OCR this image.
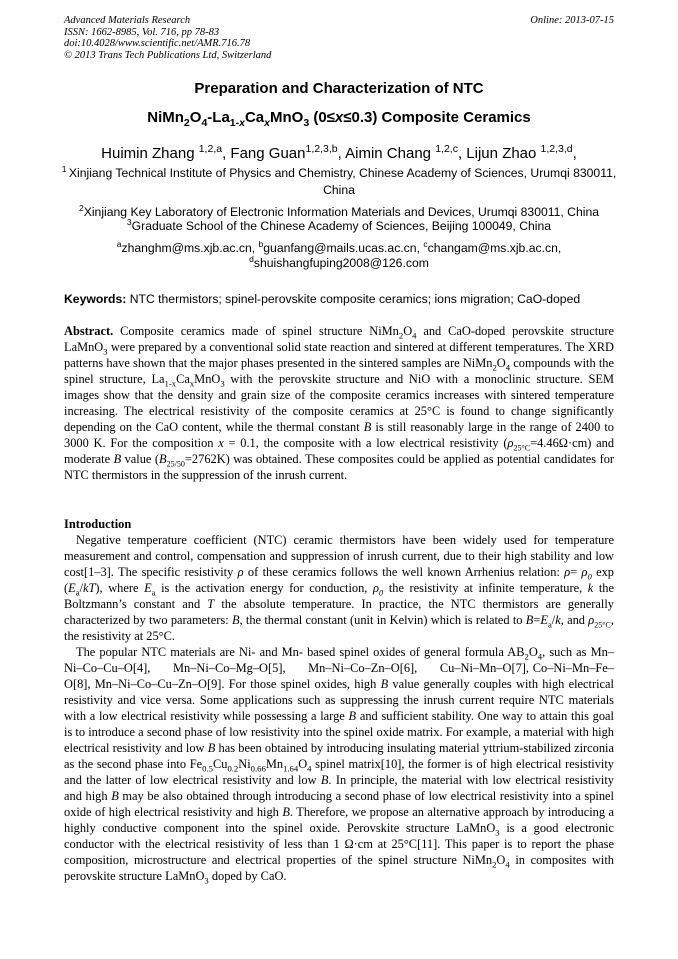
Advanced Materials Research
ISSN: 1662-8985, Vol. 716, pp 78-83
doi:10.4028/www.scientific.net/AMR.716.78
© 2013 Trans Tech Publications Ltd, Switzerland
Online: 2013-07-15
Preparation and Characterization of NTC
$NiMn_2O_4-La_{1-x}Ca_xMnO_3$ (0≤x≤0.3) Composite Ceramics
Huimin Zhang $^{1,2,a}$, Fang Guan$^{1,2,3,b}$, Aimin Chang $^{1,2,c}$, Lijun Zhao $^{1,2,3,d}$,
$^1$ Xinjiang Technical Institute of Physics and Chemistry, Chinese Academy of Sciences, Urumqi 830011, China
$^2$Xinjiang Key Laboratory of Electronic Information Materials and Devices, Urumqi 830011, China
$^3$Graduate School of the Chinese Academy of Sciences, Beijing 100049, China
$^a$zhanghm@ms.xjb.ac.cn, $^b$guanfang@mails.ucas.ac.cn, $^c$changam@ms.xjb.ac.cn,
$^d$shuishangfuping2008@126.com
Keywords: NTC thermistors; spinel-perovskite composite ceramics; ions migration; CaO-doped

Abstract. Composite ceramics made of spinel structure $NiMn_2O_4$ and CaO-doped perovskite structure LaMnO$_3$ were prepared by a conventional solid state reaction and sintered at different temperatures. The XRD patterns have shown that the major phases presented in the sintered samples are $NiMn_2O_4$ compounds with the spinel structure, $La_{1-x}Ca_xMnO_3$ with the perovskite structure and NiO with a monoclinic structure. SEM images show that the density and grain size of the composite ceramics increases with sintered temperature increasing. The electrical resistivity of the composite ceramics at 25°C is found to change significantly depending on the CaO content, while the thermal constant B is still reasonably large in the range of 2400 to 3000 K. For the composition x = 0.1, the composite with a low electrical resistivity $(\rho_{25^\circ C}=4.46\Omega\cdot cm)$ and moderate B value $(B_{25/50}=2762K)$ was obtained. These composites could be applied as potential candidates for NTC thermistors in the suppression of the inrush current.

Introduction

Negative temperature coefficient (NTC) ceramic thermistors have been widely used for temperature measurement and control, compensation and suppression of inrush current, due to their high stability and low cost[1–3]. The specific resistivity ρ of these ceramics follows the well known Arrhenius relation: $\rho= \rho_0$ $\exp (E_a/kT)$, where $E_a$ is the activation energy for conduction, $\rho_0$ the resistivity at infinite temperature, k the Boltzmann’s constant and T the absolute temperature. In practice, the NTC thermistors are generally characterized by two parameters: B, the thermal constant (unit in Kelvin) which is related to $B=E_a/k$, and $\rho_{25^\circ C}$, the resistivity at 25°C.

The popular NTC materials are Ni- and Mn- based spinel oxides of general formula $AB_2O_4$, such as Mn–Ni–Co–Cu–O[4],      Mn–Ni–Co–Mg–O[5],      Mn–Ni–Co–Zn–O[6],      Cu–Ni–Mn–O[7], Co–Ni–Mn–Fe–O[8], Mn–Ni–Co–Cu–Zn–O[9]. For those spinel oxides, high B value generally couples with high electrical resistivity and vice versa. Some applications such as suppressing the inrush current require NTC materials with a low electrical resistivity while possessing a large B and sufficient stability. One way to attain this goal is to introduce a second phase of low resistivity into the spinel oxide matrix. For example, a material with high electrical resistivity and low B has been obtained by introducing insulating material yttrium-stabilized zirconia as the second phase into $Fe_{0.5}Cu_{0.2}Ni_{0.66}Mn_{1.64}O_4$ spinel matrix[10], the former is of high electrical resistivity and the latter of low electrical resistivity and low B. In principle, the material with low electrical resistivity and high B may be also obtained through introducing a second phase of low electrical resistivity into a spinel oxide of high electrical resistivity and high B. Therefore, we propose an alternative approach by introducing a highly conductive component into the spinel oxide. Perovskite structure LaMnO$_3$ is a good electronic conductor with the electrical resistivity of less than 1 Ω·cm at 25°C[11]. This paper is to report the phase composition, microstructure and electrical properties of the spinel structure $NiMn_2O_4$ in composites with perovskite structure LaMnO$_3$ doped by CaO.
